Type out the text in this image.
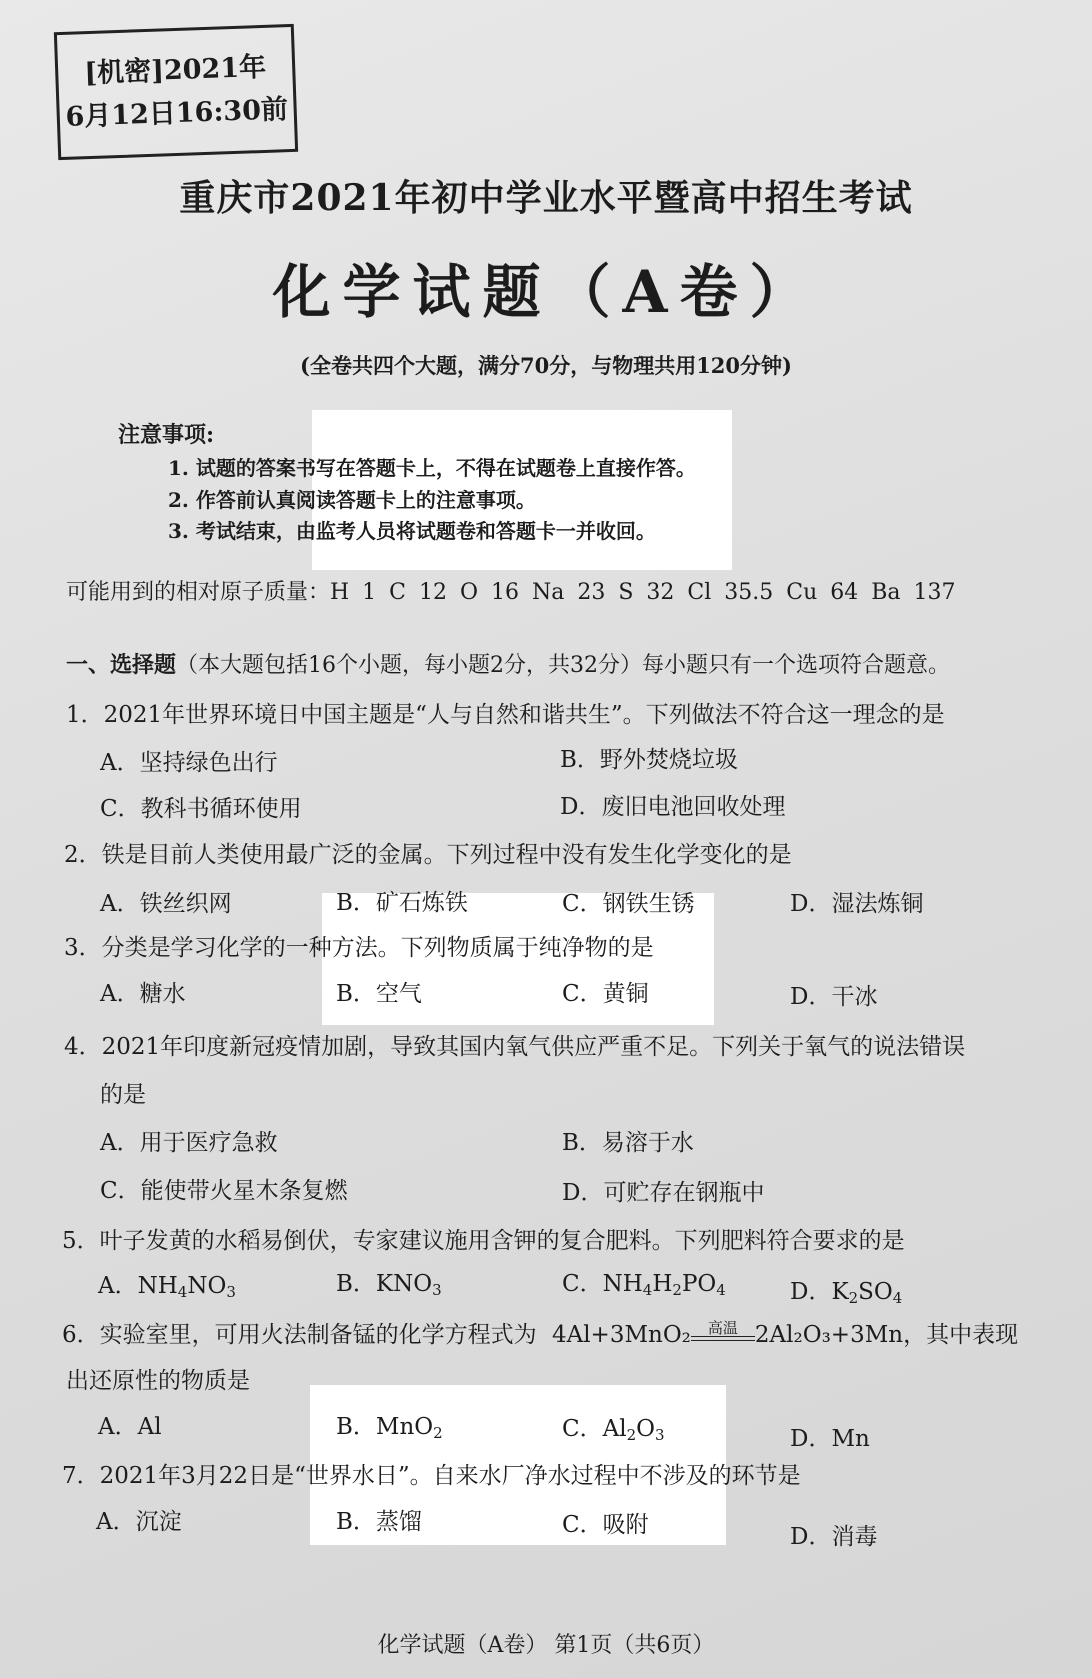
[机密]2021年
6月12日16:30前
重庆市2021年初中学业水平暨高中招生考试
化学试题（A卷）
(全卷共四个大题，满分70分，与物理共用120分钟)
注意事项:
1. 试题的答案书写在答题卡上，不得在试题卷上直接作答。
2. 作答前认真阅读答题卡上的注意事项。
3. 考试结束，由监考人员将试题卷和答题卡一并收回。
可能用到的相对原子质量：H 1 C 12 O 16 Na 23 S 32 Cl 35.5 Cu 64 Ba 137
一、选择题（本大题包括16个小题，每小题2分，共32分）每小题只有一个选项符合题意。
1．2021年世界环境日中国主题是“人与自然和谐共生”。下列做法不符合这一理念的是
A．坚持绿色出行	B．野外焚烧垃圾
C．教科书循环使用	D．废旧电池回收处理
2．铁是目前人类使用最广泛的金属。下列过程中没有发生化学变化的是
A．铁丝织网	B．矿石炼铁	C．钢铁生锈	D．湿法炼铜
3．分类是学习化学的一种方法。下列物质属于纯净物的是
A．糖水	B．空气	C．黄铜	D．干冰
4．2021年印度新冠疫情加剧，导致其国内氧气供应严重不足。下列关于氧气的说法错误
的是
A．用于医疗急救	B．易溶于水
C．能使带火星木条复燃	D．可贮存在钢瓶中
5．叶子发黄的水稻易倒伏，专家建议施用含钾的复合肥料。下列肥料符合要求的是
A．$NH_4NO_3$	B．$KNO_3$	C．$NH_4H_2PO_4$	D．$K_2SO_4$
6．实验室里，可用火法制备锰的化学方程式为 4Al+3MnO₂	高温 2Al₂O₃+3Mn，其中表现
出还原性的物质是
A．Al	B．MnO$_2$	C．$Al_2O_3$	D．Mn
7．2021年3月22日是“世界水日”。自来水厂净水过程中不涉及的环节是
A．沉淀	B．蒸馏	C．吸附	D．消毒
化学试题（A卷） 第1页（共6页）
